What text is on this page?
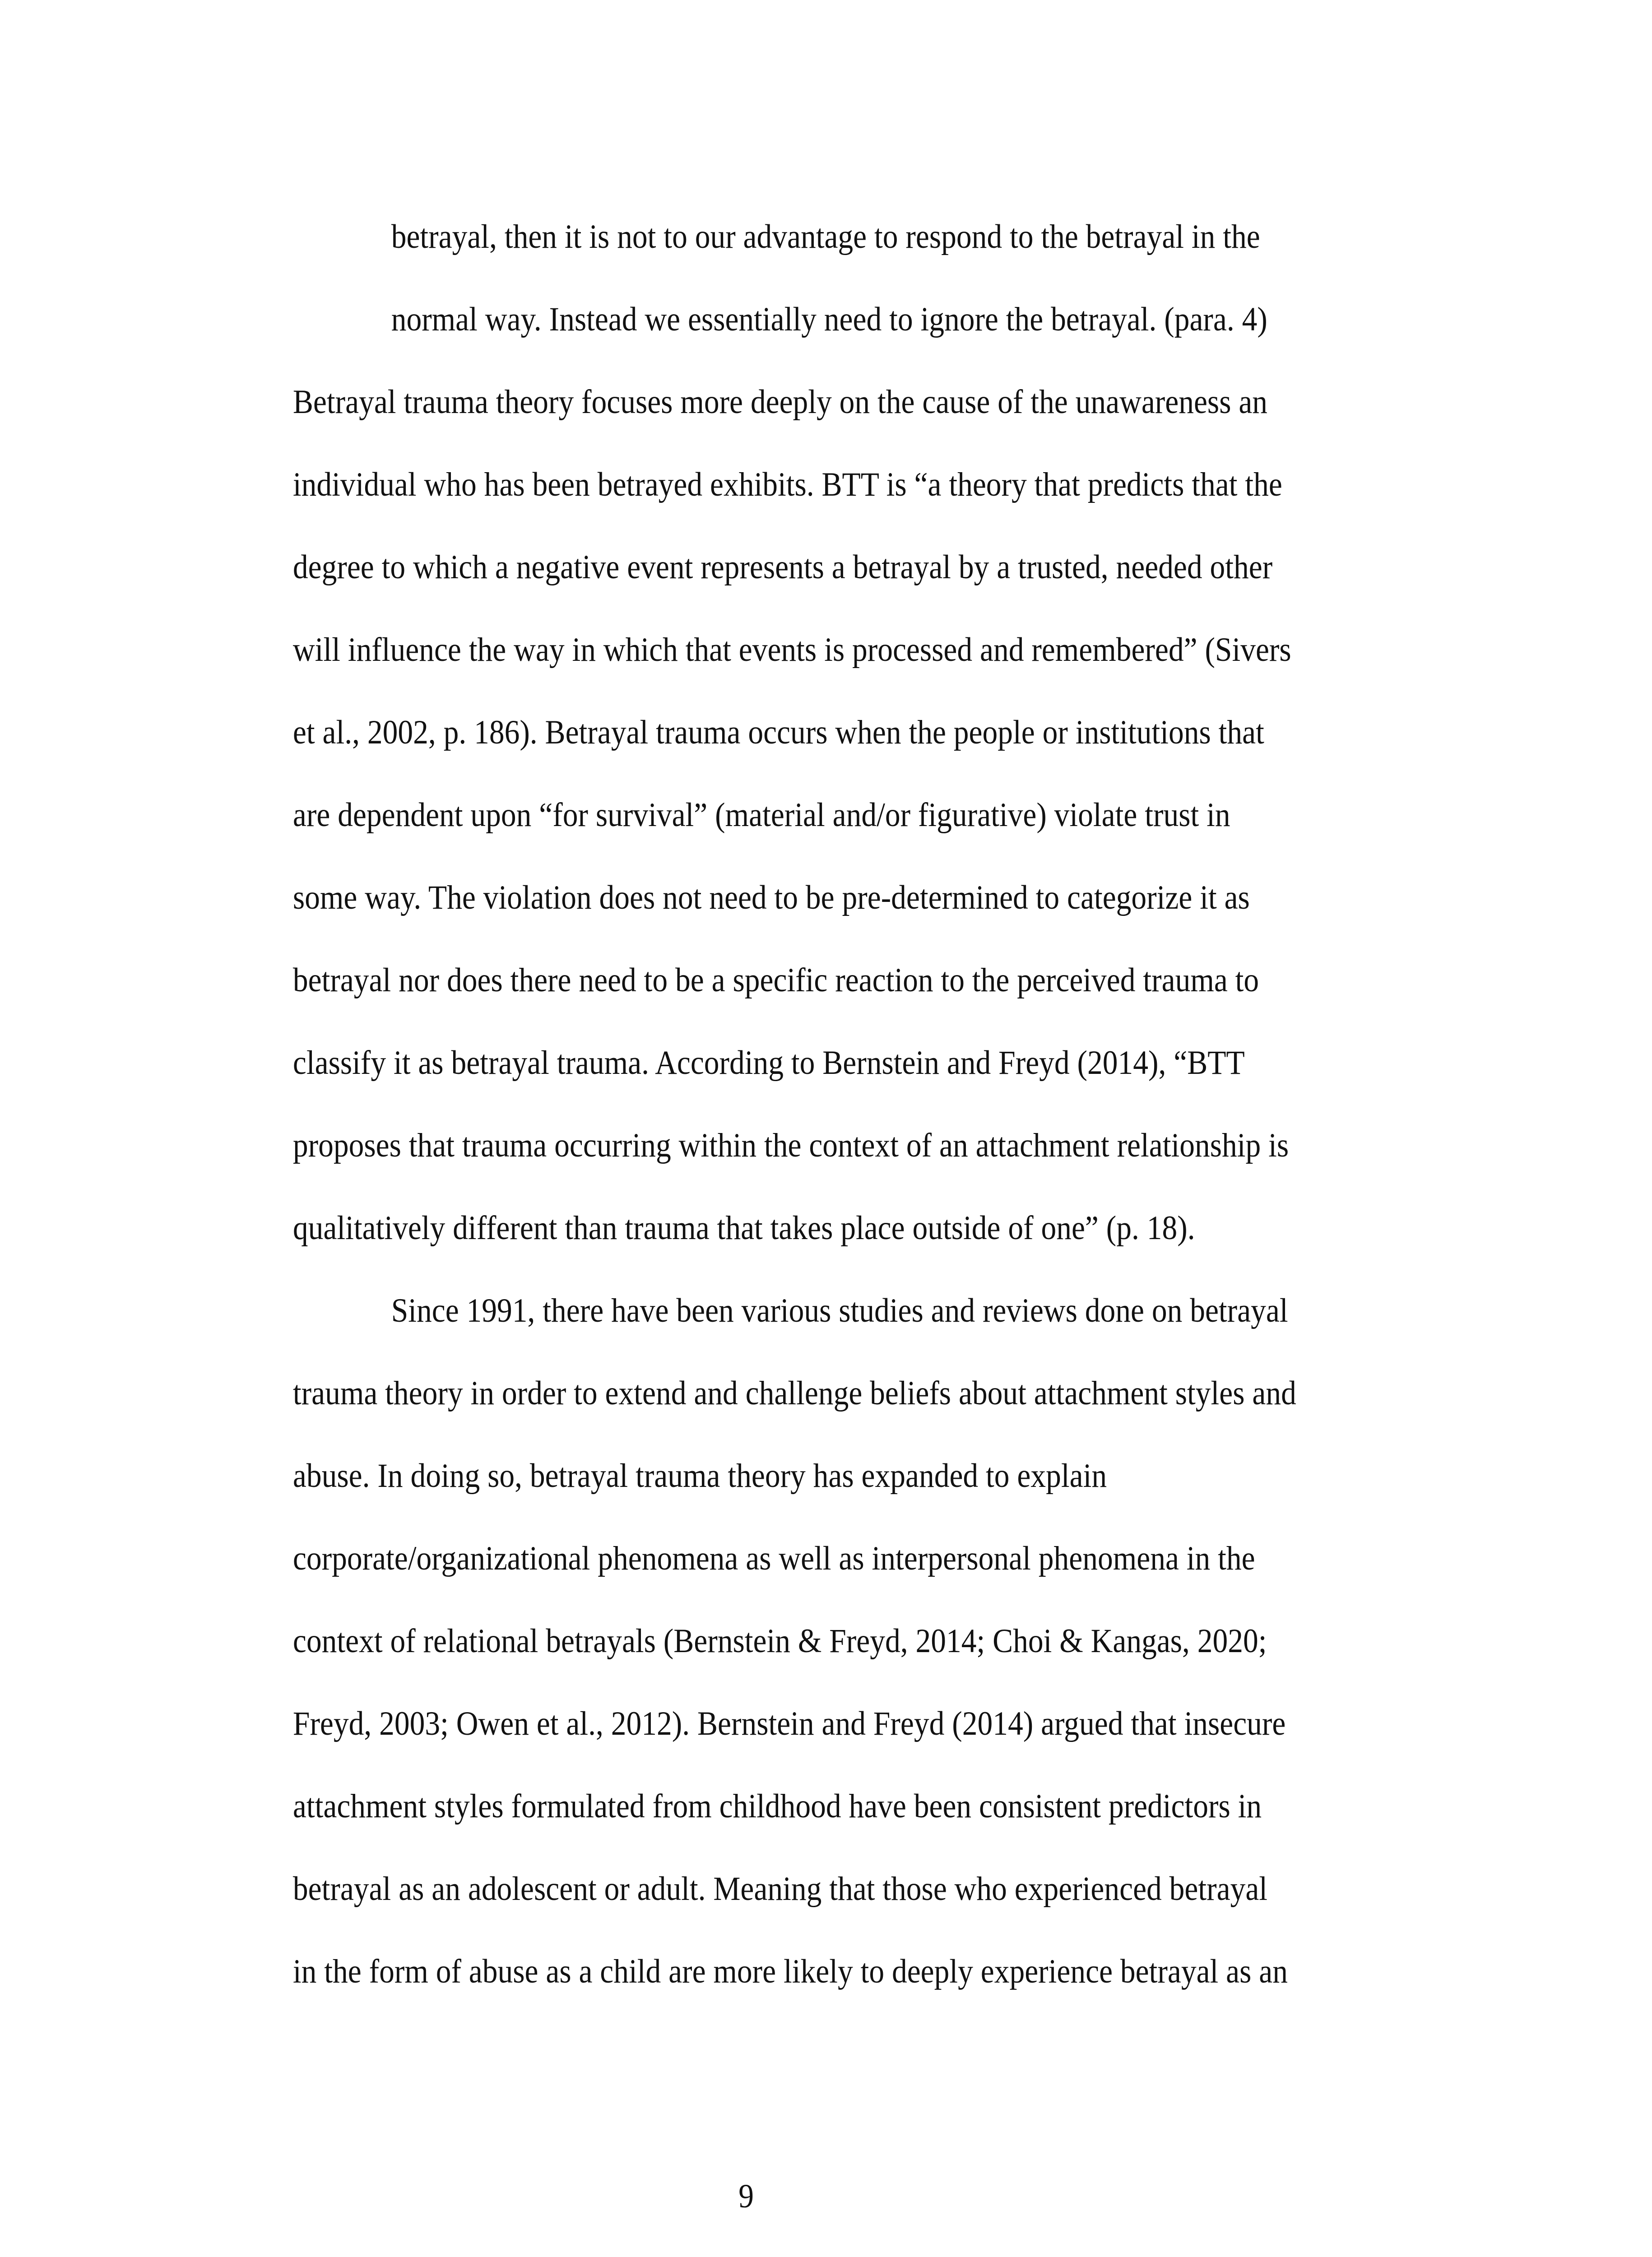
betrayal, then it is not to our advantage to respond to the betrayal in the
normal way. Instead we essentially need to ignore the betrayal. (para. 4)
Betrayal trauma theory focuses more deeply on the cause of the unawareness an
individual who has been betrayed exhibits. BTT is “a theory that predicts that the
degree to which a negative event represents a betrayal by a trusted, needed other
will influence the way in which that events is processed and remembered” (Sivers
et al., 2002, p. 186). Betrayal trauma occurs when the people or institutions that
are dependent upon “for survival” (material and/or figurative) violate trust in
some way. The violation does not need to be pre-determined to categorize it as
betrayal nor does there need to be a specific reaction to the perceived trauma to
classify it as betrayal trauma. According to Bernstein and Freyd (2014), “BTT
proposes that trauma occurring within the context of an attachment relationship is
qualitatively different than trauma that takes place outside of one” (p. 18).
Since 1991, there have been various studies and reviews done on betrayal
trauma theory in order to extend and challenge beliefs about attachment styles and
abuse. In doing so, betrayal trauma theory has expanded to explain
corporate/organizational phenomena as well as interpersonal phenomena in the
context of relational betrayals (Bernstein & Freyd, 2014; Choi & Kangas, 2020;
Freyd, 2003; Owen et al., 2012). Bernstein and Freyd (2014) argued that insecure
attachment styles formulated from childhood have been consistent predictors in
betrayal as an adolescent or adult. Meaning that those who experienced betrayal
in the form of abuse as a child are more likely to deeply experience betrayal as an
9
